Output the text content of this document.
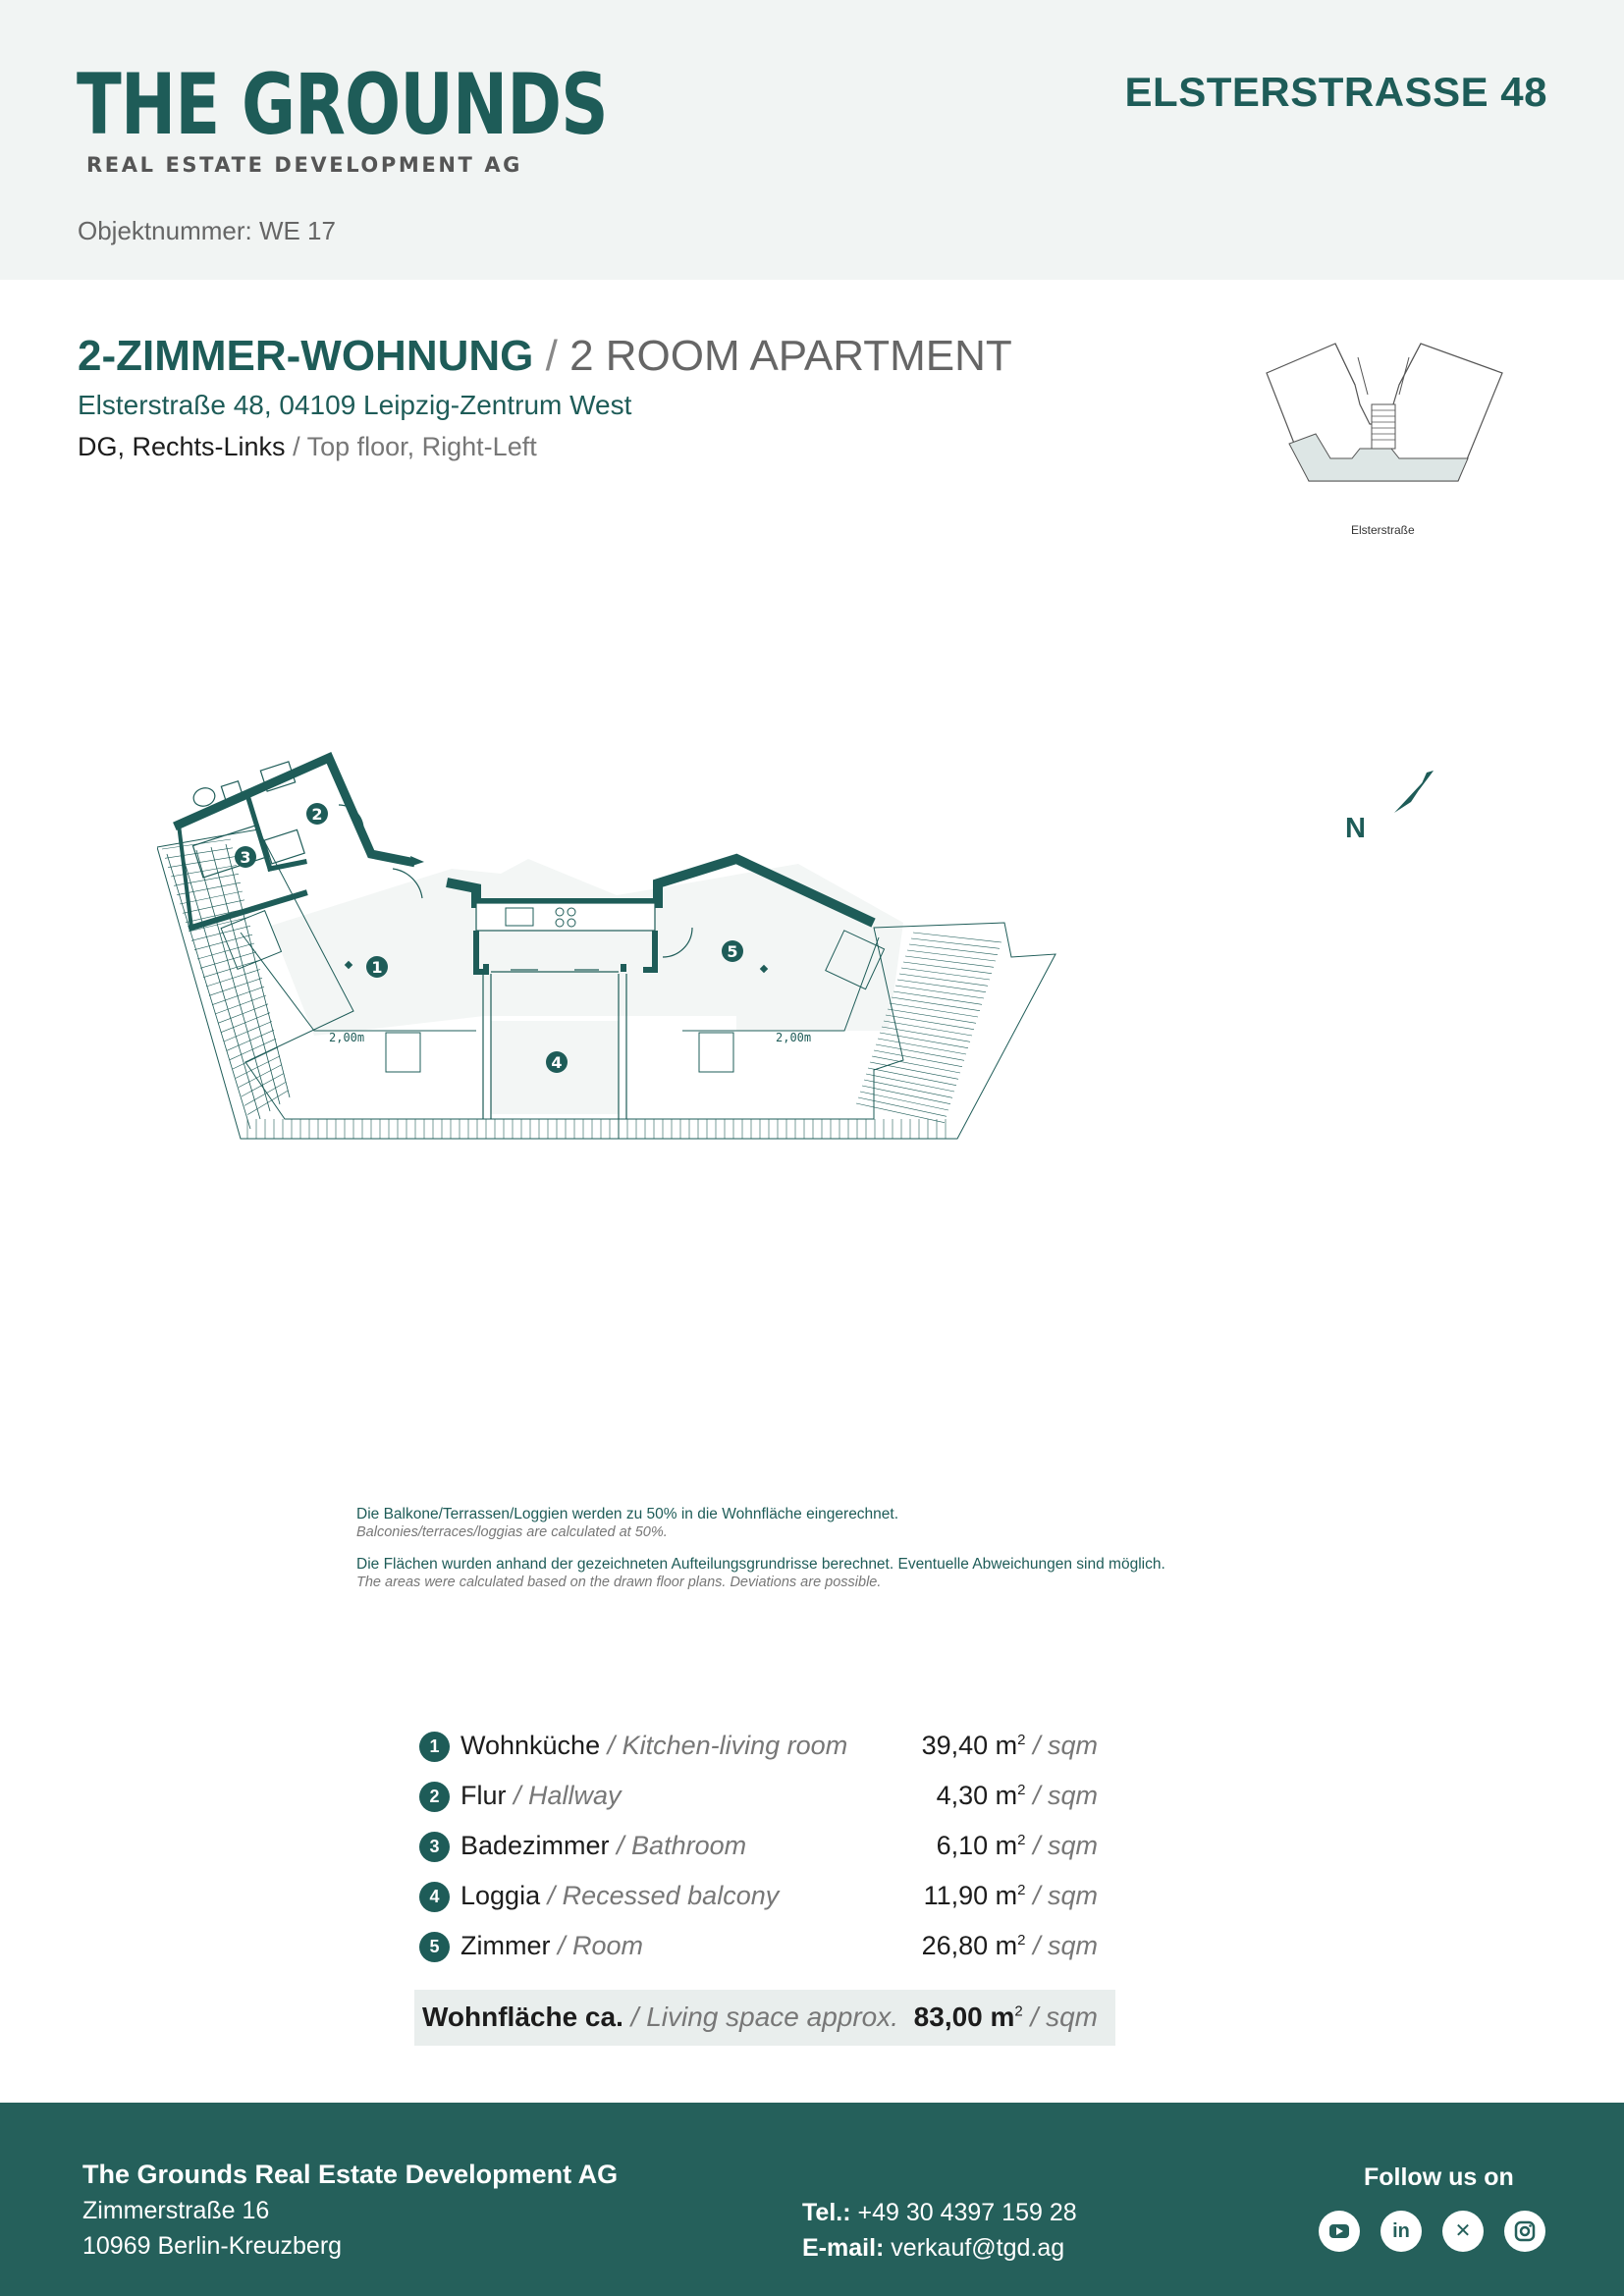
THE GROUNDS
REAL ESTATE DEVELOPMENT AG
Objektnummer: WE 17
ELSTERSTRASSE 48
2-ZIMMER-WOHNUNG / 2 ROOM APARTMENT
Elsterstraße 48, 04109 Leipzig-Zentrum West
DG, Rechts-Links / Top floor, Right-Left
Elsterstraße
N
2,00m	2,00m
1
2
3
4
5
Die Balkone/Terrassen/Loggien werden zu 50% in die Wohnfläche eingerechnet.
Balconies/terraces/loggias are calculated at 50%.
Die Flächen wurden anhand der gezeichneten Aufteilungsgrundrisse berechnet. Eventuelle Abweichungen sind möglich.
The areas were calculated based on the drawn floor plans. Deviations are possible.
1 Wohnküche / Kitchen-living room	39,40 $m^2$ / sqm
2 Flur / Hallway	4,30 $m^2$ / sqm
3 Badezimmer / Bathroom	6,10 $m^2$ / sqm
4 Loggia / Recessed balcony	11,90 $m^2$ / sqm
5 Zimmer / Room	26,80 $m^2$ / sqm
Wohnfläche ca. / Living space approx. 83,00 $m^2$ / sqm
The Grounds Real Estate Development AG
Zimmerstraße 16
10969 Berlin-Kreuzberg
Tel.: +49 30 4397 159 28
E-mail: verkauf@tgd.ag
Follow us on
in	✕
